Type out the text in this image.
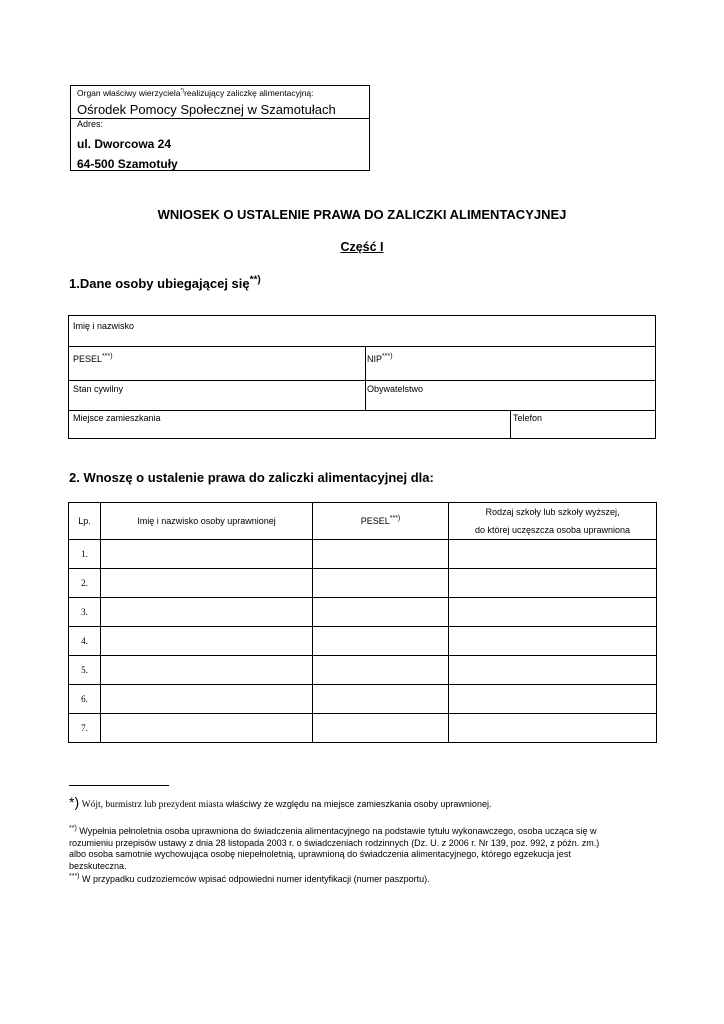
Organ właściwy wierzyciela*)realizujący zaliczkę alimentacyjną:
Ośrodek Pomocy Społecznej w Szamotułach
Adres:
ul. Dworcowa 24
64-500 Szamotuły
WNIOSEK O USTALENIE PRAWA DO ZALICZKI ALIMENTACYJNEJ
Część I
1.Dane osoby ubiegającej się**)
Imię i nazwisko
PESEL***)	NIP***)
Stan cywilny	Obywatelstwo
Miejsce zamieszkania	Telefon
2. Wnoszę o ustalenie prawa do zaliczki alimentacyjnej dla:
Lp.	Imię i nazwisko osoby uprawnionej	PESEL***)	Rodzaj szkoły lub szkoły wyższej,
do której uczęszcza osoba uprawniona

1.			
2.			
3.			
4.			
5.			
6.			
7.			
*) Wójt, burmistrz lub prezydent miasta właściwy ze względu na miejsce zamieszkania osoby uprawnionej.
**) Wypełnia pełnoletnia osoba uprawniona do świadczenia alimentacyjnego na podstawie tytułu wykonawczego, osoba ucząca się w
rozumieniu przepisów ustawy z dnia 28 listopada 2003 r. o świadczeniach rodzinnych (Dz. U. z 2006 r. Nr 139, poz. 992, z późn. zm.)
albo osoba samotnie wychowująca osobę niepełnoletnią, uprawnioną do świadczenia alimentacyjnego, którego egzekucja jest
bezskuteczna.
***) W przypadku cudzoziemców wpisać odpowiedni numer identyfikacji (numer paszportu).
